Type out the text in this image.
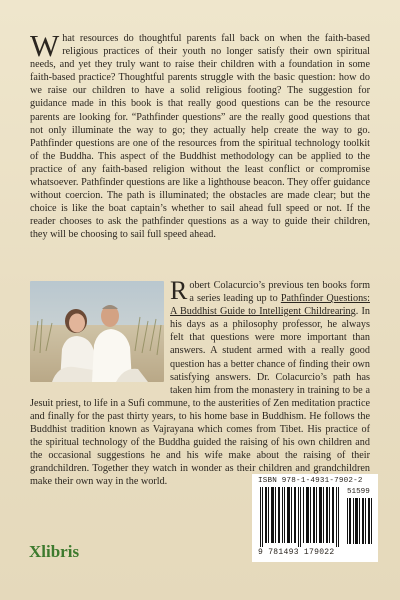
What resources do thoughtful parents fall back on when the faith-based religious practices of their youth no longer satisfy their own spiritual needs, and yet they truly want to raise their children with a foundation in some faith-based practice? Thoughtful parents struggle with the basic question: how do we raise our children to have a solid religious footing? The suggestion for guidance made in this book is that really good questions can be the resource parents are looking for. “Pathfinder questions” are the really good questions that not only illuminate the way to go; they actually help create the way to go. Pathfinder questions are one of the resources from the spiritual technology toolkit of the Buddha. This aspect of the Buddhist methodology can be applied to the practice of any faith-based religion without the least conflict or compromise whatsoever. Pathfinder questions are like a lighthouse beacon. They offer guidance without coercion. The path is illuminated; the obstacles are made clear; but the choice is like the boat captain’s whether to sail ahead full speed or not. If the reader chooses to ask the pathfinder questions as a way to guide their children, they will be choosing to sail full speed ahead.

Robert Colacurcio’s previous ten books form a series leading up to Pathfinder Questions: A Buddhist Guide to Intelligent Childrearing. In his days as a philosophy professor, he always felt that questions were more important than answers. A student armed with a really good question has a better chance of finding their own satisfying answers. Dr. Colacurcio’s path has taken him from the monastery in training to be a Jesuit priest, to life in a Sufi commune, to the austerities of Zen meditation practice and finally for the past thirty years, to his home base in Buddhism. He follows the Buddhist tradition known as Vajrayana which comes from Tibet. His practice of the spiritual technology of the Buddha guided the raising of his own children and the occasional suggestions he and his wife make about the raising of their grandchildren. Together they watch in wonder as their children and grandchildren make their own way in the world.	ISBN 978-1-4931-7902-2
51599
9 781493 179022
Xlibris
